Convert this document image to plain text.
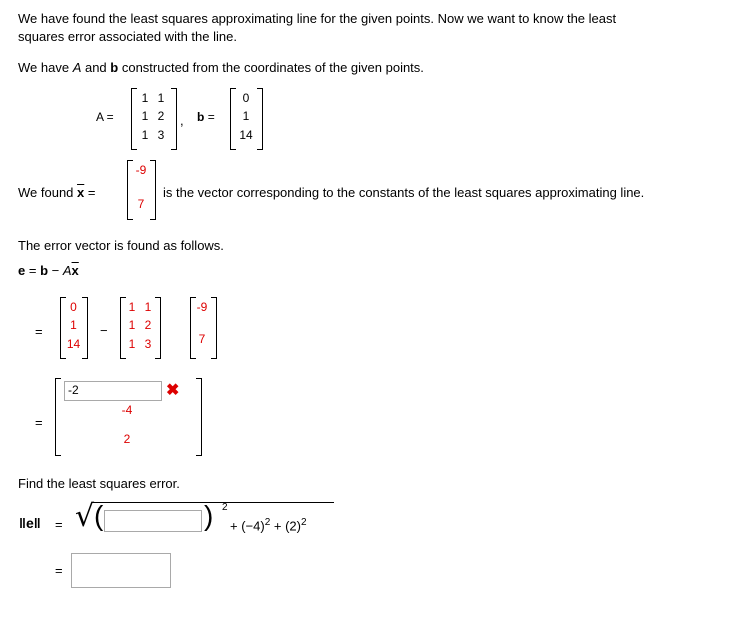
We have found the least squares approximating line for the given points. Now we want to know the least
squares error associated with the line.
We have A and b constructed from the coordinates of the given points.
A =
1 1
1 2
1 3
, b =
0
1
14
We found $\overline{x}$ =
-9
7
is the vector corresponding to the constants of the least squares approximating line.
The error vector is found as follows.
$e = b - A\overline{x}$
=
0
1
14
−
1 1
1 2
1 3
-9
7
=
-2	✖
-4
2
Find the least squares error.
‖e‖ = √ (	) 2
+ $(-4)^2 + (2)^2$
=
